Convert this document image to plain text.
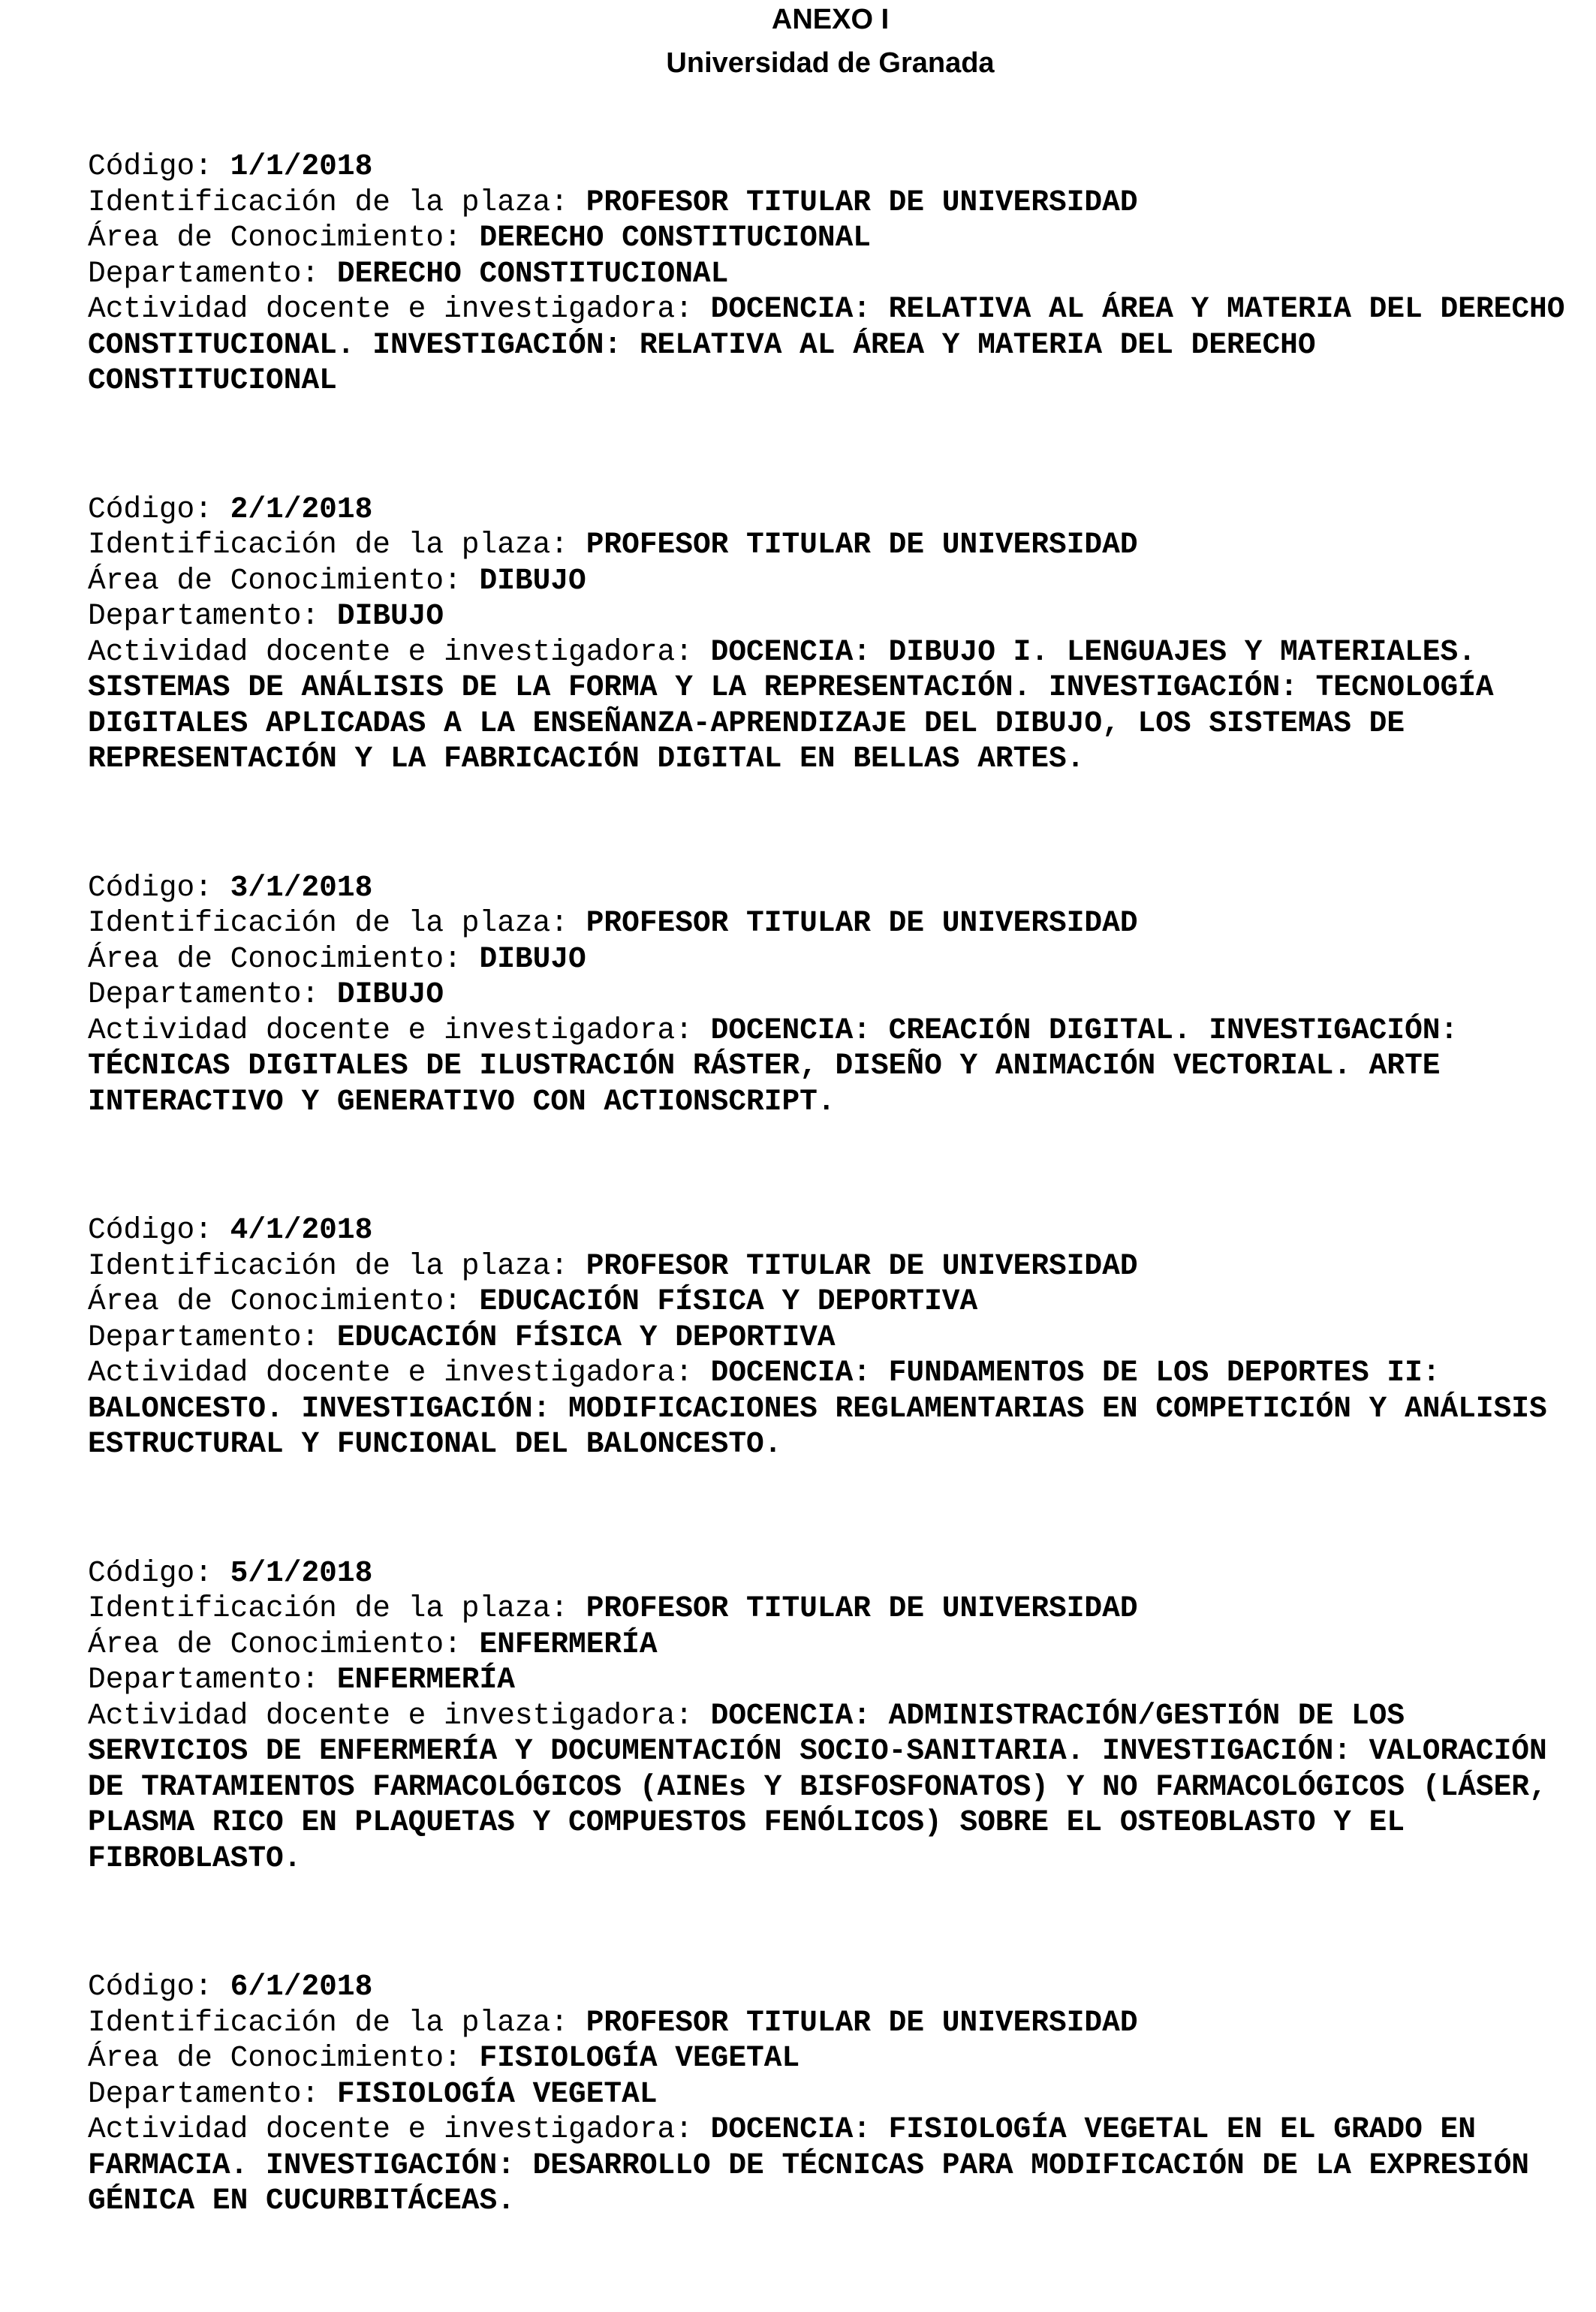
ANEXO I
Universidad de Granada
Código: 1/1/2018
Identificación de la plaza: PROFESOR TITULAR DE UNIVERSIDAD
Área de Conocimiento: DERECHO CONSTITUCIONAL
Departamento: DERECHO CONSTITUCIONAL
Actividad docente e investigadora: DOCENCIA: RELATIVA AL ÁREA Y MATERIA DEL DERECHO CONSTITUCIONAL. INVESTIGACIÓN: RELATIVA AL ÁREA Y MATERIA DEL DERECHO CONSTITUCIONAL
Código: 2/1/2018
Identificación de la plaza: PROFESOR TITULAR DE UNIVERSIDAD
Área de Conocimiento: DIBUJO
Departamento: DIBUJO
Actividad docente e investigadora: DOCENCIA: DIBUJO I. LENGUAJES Y MATERIALES. SISTEMAS DE ANÁLISIS DE LA FORMA Y LA REPRESENTACIÓN. INVESTIGACIÓN: TECNOLOGÍA DIGITALES APLICADAS A LA ENSEÑANZA-APRENDIZAJE DEL DIBUJO, LOS SISTEMAS DE REPRESENTACIÓN Y LA FABRICACIÓN DIGITAL EN BELLAS ARTES.
Código: 3/1/2018
Identificación de la plaza: PROFESOR TITULAR DE UNIVERSIDAD
Área de Conocimiento: DIBUJO
Departamento: DIBUJO
Actividad docente e investigadora: DOCENCIA: CREACIÓN DIGITAL. INVESTIGACIÓN: TÉCNICAS DIGITALES DE ILUSTRACIÓN RÁSTER, DISEÑO Y ANIMACIÓN VECTORIAL. ARTE INTERACTIVO Y GENERATIVO CON ACTIONSCRIPT.
Código: 4/1/2018
Identificación de la plaza: PROFESOR TITULAR DE UNIVERSIDAD
Área de Conocimiento: EDUCACIÓN FÍSICA Y DEPORTIVA
Departamento: EDUCACIÓN FÍSICA Y DEPORTIVA
Actividad docente e investigadora: DOCENCIA: FUNDAMENTOS DE LOS DEPORTES II: BALONCESTO. INVESTIGACIÓN: MODIFICACIONES REGLAMENTARIAS EN COMPETICIÓN Y ANÁLISIS ESTRUCTURAL Y FUNCIONAL DEL BALONCESTO.
Código: 5/1/2018
Identificación de la plaza: PROFESOR TITULAR DE UNIVERSIDAD
Área de Conocimiento: ENFERMERÍA
Departamento: ENFERMERÍA
Actividad docente e investigadora: DOCENCIA: ADMINISTRACIÓN/GESTIÓN DE LOS SERVICIOS DE ENFERMERÍA Y DOCUMENTACIÓN SOCIO-SANITARIA. INVESTIGACIÓN: VALORACIÓN DE TRATAMIENTOS FARMACOLÓGICOS (AINEs Y BISFOSFONATOS) Y NO FARMACOLÓGICOS (LÁSER, PLASMA RICO EN PLAQUETAS Y COMPUESTOS FENÓLICOS) SOBRE EL OSTEOBLASTO Y EL FIBROBLASTO.
Código: 6/1/2018
Identificación de la plaza: PROFESOR TITULAR DE UNIVERSIDAD
Área de Conocimiento: FISIOLOGÍA VEGETAL
Departamento: FISIOLOGÍA VEGETAL
Actividad docente e investigadora: DOCENCIA: FISIOLOGÍA VEGETAL EN EL GRADO EN FARMACIA. INVESTIGACIÓN: DESARROLLO DE TÉCNICAS PARA MODIFICACIÓN DE LA EXPRESIÓN GÉNICA EN CUCURBITÁCEAS.
